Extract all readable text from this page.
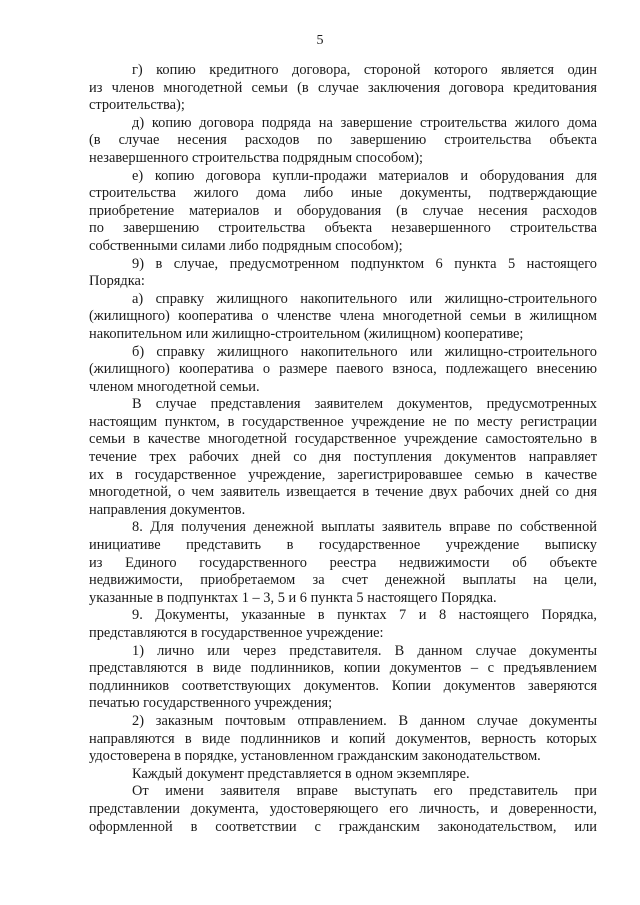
5
г) копию кредитного договора, стороной которого является один
из членов многодетной семьи (в случае заключения договора кредитования
строительства);
д) копию договора подряда на завершение строительства жилого дома
(в случае несения расходов по завершению строительства объекта
незавершенного строительства подрядным способом);
е) копию договора купли-продажи материалов и оборудования для
строительства жилого дома либо иные документы, подтверждающие
приобретение материалов и оборудования (в случае несения расходов
по завершению строительства объекта незавершенного строительства
собственными силами либо подрядным способом);
9) в случае, предусмотренном подпунктом 6 пункта 5 настоящего
Порядка:
а) справку жилищного накопительного или жилищно-строительного
(жилищного) кооператива о членстве члена многодетной семьи в жилищном
накопительном или жилищно-строительном (жилищном) кооперативе;
б) справку жилищного накопительного или жилищно-строительного
(жилищного) кооператива о размере паевого взноса, подлежащего внесению
членом многодетной семьи.
В случае представления заявителем документов, предусмотренных
настоящим пунктом, в государственное учреждение не по месту регистрации
семьи в качестве многодетной государственное учреждение самостоятельно в
течение трех рабочих дней со дня поступления документов направляет
их в государственное учреждение, зарегистрировавшее семью в качестве
многодетной, о чем заявитель извещается в течение двух рабочих дней со дня
направления документов.
8. Для получения денежной выплаты заявитель вправе по собственной
инициативе представить в государственное учреждение выписку
из Единого государственного реестра недвижимости об объекте
недвижимости, приобретаемом за счет денежной выплаты на цели,
указанные в подпунктах 1 – 3, 5 и 6 пункта 5 настоящего Порядка.
9. Документы, указанные в пунктах 7 и 8 настоящего Порядка,
представляются в государственное учреждение:
1) лично или через представителя. В данном случае документы
представляются в виде подлинников, копии документов – с предъявлением
подлинников соответствующих документов. Копии документов заверяются
печатью государственного учреждения;
2) заказным почтовым отправлением. В данном случае документы
направляются в виде подлинников и копий документов, верность которых
удостоверена в порядке, установленном гражданским законодательством.
Каждый документ представляется в одном экземпляре.
От имени заявителя вправе выступать его представитель при
представлении документа, удостоверяющего его личность, и доверенности,
оформленной в соответствии с гражданским законодательством, или
